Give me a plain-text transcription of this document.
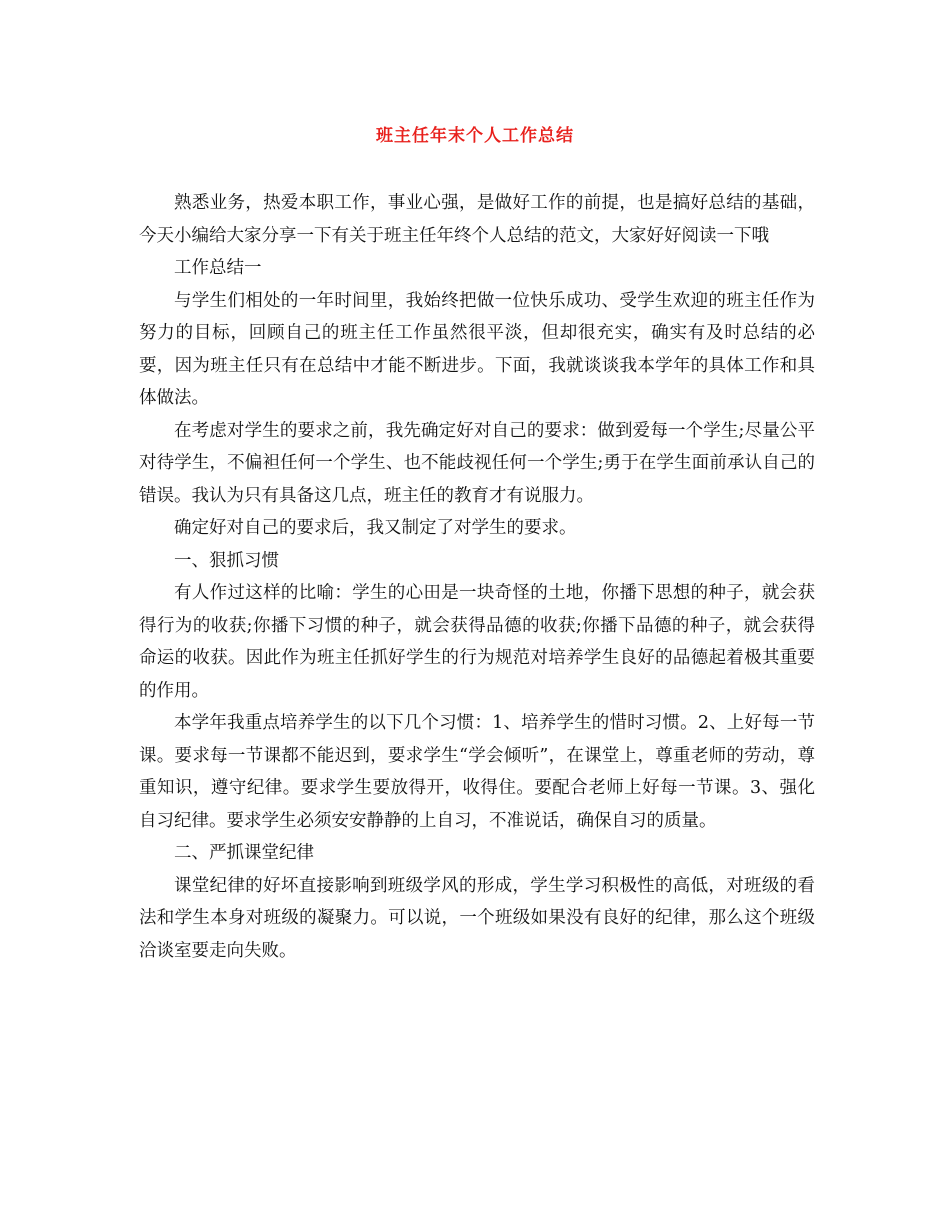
班主任年末个人工作总结

熟悉业务，热爱本职工作，事业心强，是做好工作的前提，也是搞好总结的基础，今天小编给大家分享一下有关于班主任年终个人总结的范文，大家好好阅读一下哦

工作总结一

与学生们相处的一年时间里，我始终把做一位快乐成功、受学生欢迎的班主任作为努力的目标，回顾自己的班主任工作虽然很平淡，但却很充实，确实有及时总结的必要，因为班主任只有在总结中才能不断进步。下面，我就谈谈我本学年的具体工作和具体做法。

在考虑对学生的要求之前，我先确定好对自己的要求：做到爱每一个学生;尽量公平对待学生，不偏袒任何一个学生、也不能歧视任何一个学生;勇于在学生面前承认自己的错误。我认为只有具备这几点，班主任的教育才有说服力。

确定好对自己的要求后，我又制定了对学生的要求。

一、狠抓习惯

有人作过这样的比喻：学生的心田是一块奇怪的土地，你播下思想的种子，就会获得行为的收获;你播下习惯的种子，就会获得品德的收获;你播下品德的种子，就会获得命运的收获。因此作为班主任抓好学生的行为规范对培养学生良好的品德起着极其重要的作用。

本学年我重点培养学生的以下几个习惯：1、培养学生的惜时习惯。2、上好每一节课。要求每一节课都不能迟到，要求学生“学会倾听”，在课堂上，尊重老师的劳动，尊重知识，遵守纪律。要求学生要放得开，收得住。要配合老师上好每一节课。3、强化自习纪律。要求学生必须安安静静的上自习，不准说话，确保自习的质量。

二、严抓课堂纪律

课堂纪律的好坏直接影响到班级学风的形成，学生学习积极性的高低，对班级的看法和学生本身对班级的凝聚力。可以说，一个班级如果没有良好的纪律，那么这个班级洽谈室要走向失败。
